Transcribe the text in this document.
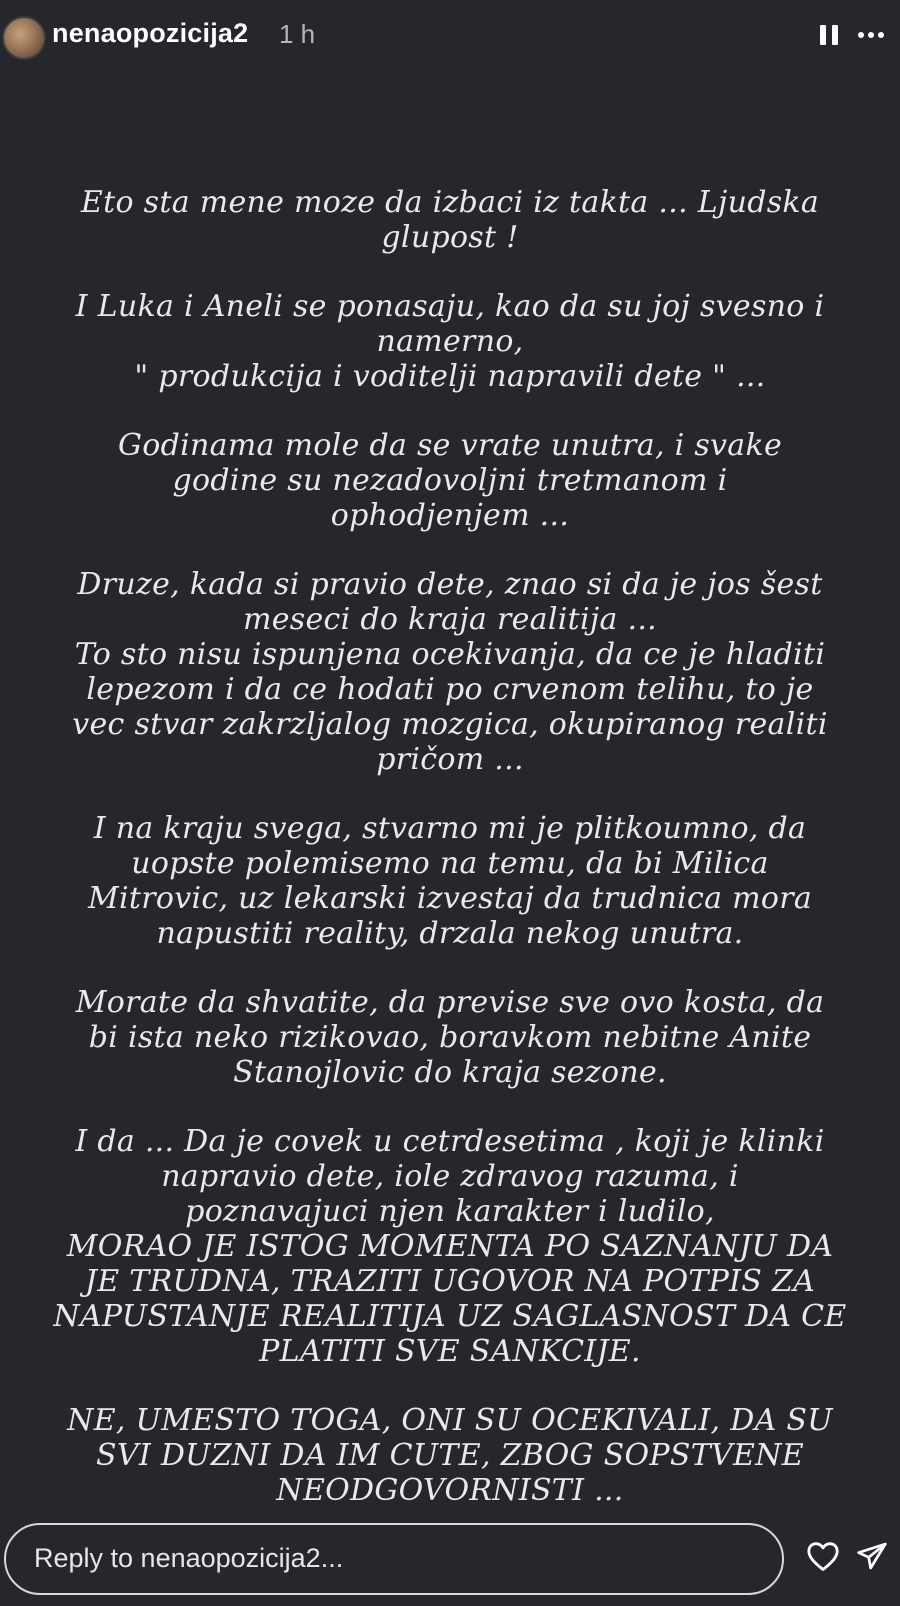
nenaopozicija2 1 h

Eto sta mene moze da izbaci iz takta ... Ljudska
glupost !

I Luka i Aneli se ponasaju, kao da su joj svesno i
namerno,
" produkcija i voditelji napravili dete " ...

Godinama mole da se vrate unutra, i svake
godine su nezadovoljni tretmanom i
ophodjenjem ...

Druze, kada si pravio dete, znao si da je jos šest
meseci do kraja realitija ...
To sto nisu ispunjena ocekivanja, da ce je hladiti
lepezom i da ce hodati po crvenom telihu, to je
vec stvar zakrzljalog mozgica, okupiranog realiti
pričom ...

I na kraju svega, stvarno mi je plitkoumno, da
uopste polemisemo na temu, da bi Milica
Mitrovic, uz lekarski izvestaj da trudnica mora
napustiti reality, drzala nekog unutra.

Morate da shvatite, da previse sve ovo kosta, da
bi ista neko rizikovao, boravkom nebitne Anite
Stanojlovic do kraja sezone.

I da ... Da je covek u cetrdesetima , koji je klinki
napravio dete, iole zdravog razuma, i
poznavajuci njen karakter i ludilo,
MORAO JE ISTOG MOMENTA PO SAZNANJU DA
JE TRUDNA, TRAZITI UGOVOR NA POTPIS ZA
NAPUSTANJE REALITIJA UZ SAGLASNOST DA CE
PLATITI SVE SANKCIJE.

NE, UMESTO TOGA, ONI SU OCEKIVALI, DA SU
SVI DUZNI DA IM CUTE, ZBOG SOPSTVENE
NEODGOVORNISTI ...

Reply to nenaopozicija2...
